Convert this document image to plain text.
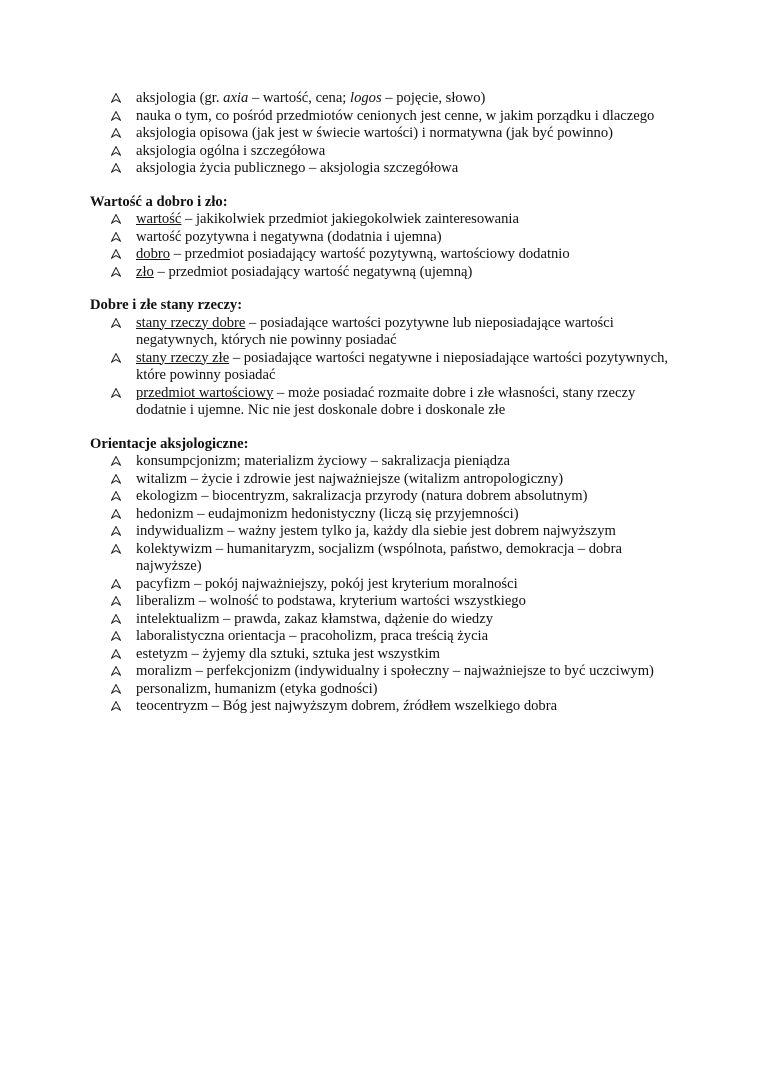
aksjologia (gr. axia – wartość, cena; logos – pojęcie, słowo)
nauka o tym, co pośród przedmiotów cenionych jest cenne, w jakim porządku i dlaczego
aksjologia opisowa (jak jest w świecie wartości) i normatywna (jak być powinno)
aksjologia ogólna i szczegółowa
aksjologia życia publicznego – aksjologia szczegółowa
Wartość a dobro i zło:
wartość – jakikolwiek przedmiot jakiegokolwiek zainteresowania
wartość pozytywna i negatywna (dodatnia i ujemna)
dobro – przedmiot posiadający wartość pozytywną, wartościowy dodatnio
zło – przedmiot posiadający wartość negatywną (ujemną)
Dobre i złe stany rzeczy:
stany rzeczy dobre – posiadające wartości pozytywne lub nieposiadające wartości negatywnych, których nie powinny posiadać
stany rzeczy złe – posiadające wartości negatywne i nieposiadające wartości pozytywnych, które powinny posiadać
przedmiot wartościowy – może posiadać rozmaite dobre i złe własności, stany rzeczy dodatnie i ujemne. Nic nie jest doskonale dobre i doskonale złe
Orientacje aksjologiczne:
konsumpcjonizm; materializm życiowy – sakralizacja pieniądza
witalizm – życie i zdrowie jest najważniejsze (witalizm antropologiczny)
ekologizm – biocentryzm, sakralizacja przyrody (natura dobrem absolutnym)
hedonizm – eudajmonizm hedonistyczny (liczą się przyjemności)
indywidualizm – ważny jestem tylko ja, każdy dla siebie jest dobrem najwyższym
kolektywizm – humanitaryzm, socjalizm (wspólnota, państwo, demokracja – dobra najwyższe)
pacyfizm – pokój najważniejszy, pokój jest kryterium moralności
liberalizm – wolność to podstawa, kryterium wartości wszystkiego
intelektualizm – prawda, zakaz kłamstwa, dążenie do wiedzy
laboralistyczna orientacja – pracoholizm, praca treścią życia
estetyzm – żyjemy dla sztuki, sztuka jest wszystkim
moralizm – perfekcjonizm (indywidualny i społeczny – najważniejsze to być uczciwym)
personalizm, humanizm (etyka godności)
teocentryzm – Bóg jest najwyższym dobrem, źródłem wszelkiego dobra
